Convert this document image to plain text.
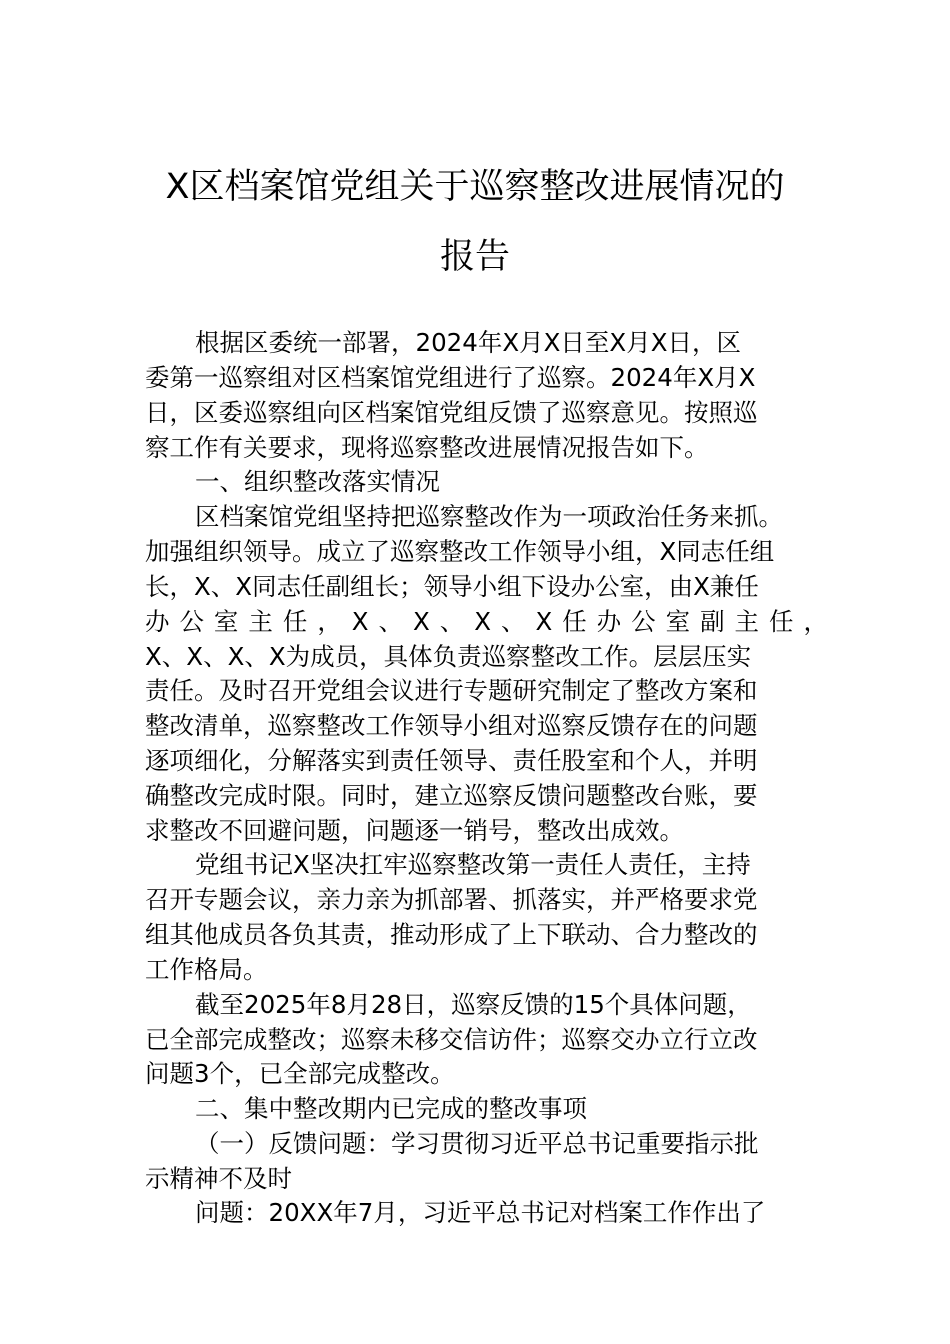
X区档案馆党组关于巡察整改进展情况的
报告
根据区委统一部署，2024年X月X日至X月X日，区
委第一巡察组对区档案馆党组进行了巡察。2024年X月X
日，区委巡察组向区档案馆党组反馈了巡察意见。按照巡
察工作有关要求，现将巡察整改进展情况报告如下。
一、组织整改落实情况
区档案馆党组坚持把巡察整改作为一项政治任务来抓。
加强组织领导。成立了巡察整改工作领导小组，X同志任组
长，X、X同志任副组长；领导小组下设办公室，由X兼任
办公室主任，X、X、X、X任办公室副主任，
X、X、X、X为成员，具体负责巡察整改工作。层层压实
责任。及时召开党组会议进行专题研究制定了整改方案和
整改清单，巡察整改工作领导小组对巡察反馈存在的问题
逐项细化，分解落实到责任领导、责任股室和个人，并明
确整改完成时限。同时，建立巡察反馈问题整改台账，要
求整改不回避问题，问题逐一销号，整改出成效。
党组书记X坚决扛牢巡察整改第一责任人责任，主持
召开专题会议，亲力亲为抓部署、抓落实，并严格要求党
组其他成员各负其责，推动形成了上下联动、合力整改的
工作格局。
截至2025年8月28日，巡察反馈的15个具体问题，
已全部完成整改；巡察未移交信访件；巡察交办立行立改
问题3个，已全部完成整改。
二、集中整改期内已完成的整改事项
（一）反馈问题：学习贯彻习近平总书记重要指示批
示精神不及时
问题：20XX年7月，习近平总书记对档案工作作出了
